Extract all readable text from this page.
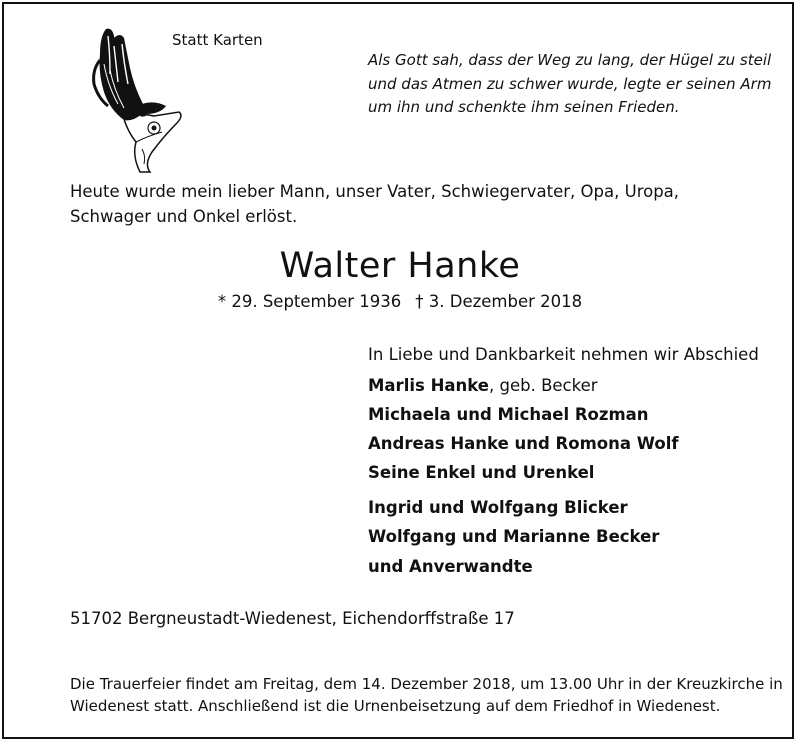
Statt Karten
Als Gott sah, dass der Weg zu lang, der Hügel zu steil
und das Atmen zu schwer wurde, legte er seinen Arm
um ihn und schenkte ihm seinen Frieden.
Heute wurde mein lieber Mann, unser Vater, Schwiegervater, Opa, Uropa,
Schwager und Onkel erlöst.
Walter Hanke
* 29. September 1936 † 3. Dezember 2018
In Liebe und Dankbarkeit nehmen wir Abschied
Marlis Hanke, geb. Becker
Michaela und Michael Rozman
Andreas Hanke und Romona Wolf
Seine Enkel und Urenkel
Ingrid und Wolfgang Blicker
Wolfgang und Marianne Becker
und Anverwandte
51702 Bergneustadt-Wiedenest, Eichendorffstraße 17
Die Trauerfeier findet am Freitag, dem 14. Dezember 2018, um 13.00 Uhr in der Kreuzkirche in
Wiedenest statt. Anschließend ist die Urnenbeisetzung auf dem Friedhof in Wiedenest.
